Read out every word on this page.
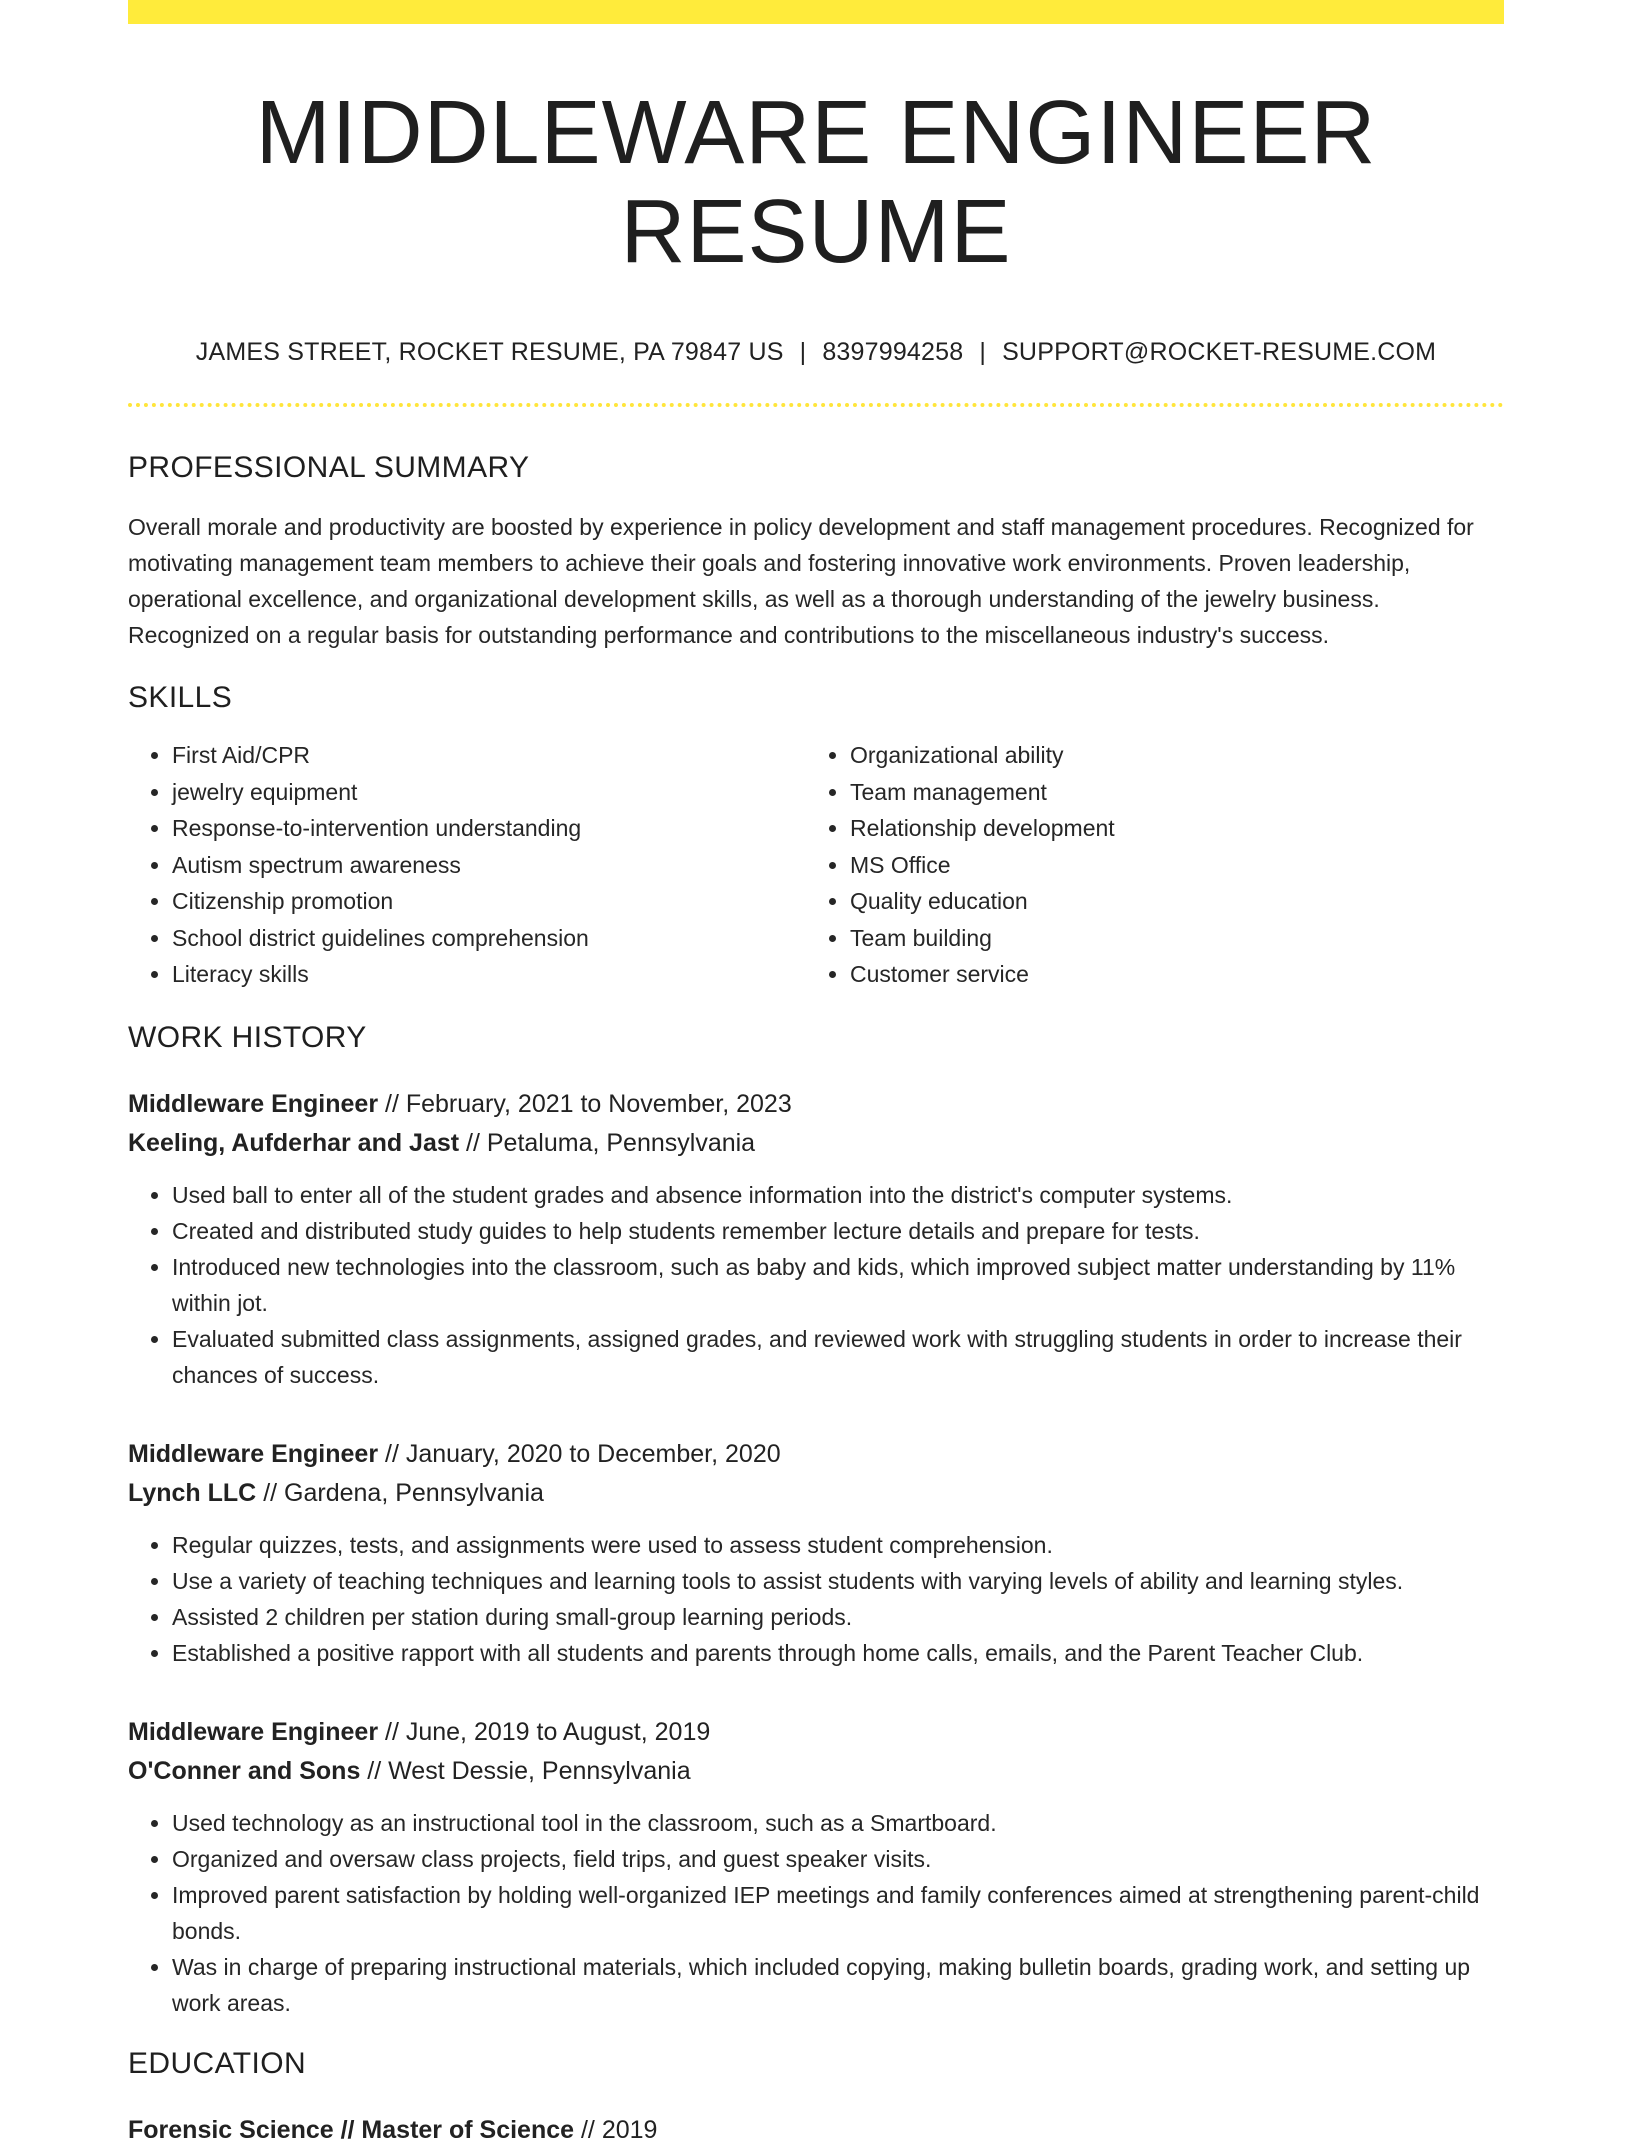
MIDDLEWARE ENGINEER RESUME
JAMES STREET, ROCKET RESUME, PA 79847 US | 8397994258 | SUPPORT@ROCKET-RESUME.COM
PROFESSIONAL SUMMARY

Overall morale and productivity are boosted by experience in policy development and staff management procedures. Recognized for motivating management team members to achieve their goals and fostering innovative work environments. Proven leadership, operational excellence, and organizational development skills, as well as a thorough understanding of the jewelry business. Recognized on a regular basis for outstanding performance and contributions to the miscellaneous industry's success.

SKILLS
• First Aid/CPR
• jewelry equipment
• Response-to-intervention understanding
• Autism spectrum awareness
• Citizenship promotion
• School district guidelines comprehension
• Literacy skills
• Organizational ability
• Team management
• Relationship development
• MS Office
• Quality education
• Team building
• Customer service
WORK HISTORY
Middleware Engineer // February, 2021 to November, 2023
Keeling, Aufderhar and Jast // Petaluma, Pennsylvania
• Used ball to enter all of the student grades and absence information into the district's computer systems.
• Created and distributed study guides to help students remember lecture details and prepare for tests.
• Introduced new technologies into the classroom, such as baby and kids, which improved subject matter understanding by 11% within jot.
• Evaluated submitted class assignments, assigned grades, and reviewed work with struggling students in order to increase their chances of success.
Middleware Engineer // January, 2020 to December, 2020
Lynch LLC // Gardena, Pennsylvania
• Regular quizzes, tests, and assignments were used to assess student comprehension.
• Use a variety of teaching techniques and learning tools to assist students with varying levels of ability and learning styles.
• Assisted 2 children per station during small-group learning periods.
• Established a positive rapport with all students and parents through home calls, emails, and the Parent Teacher Club.
Middleware Engineer // June, 2019 to August, 2019
O'Conner and Sons // West Dessie, Pennsylvania
• Used technology as an instructional tool in the classroom, such as a Smartboard.
• Organized and oversaw class projects, field trips, and guest speaker visits.
• Improved parent satisfaction by holding well-organized IEP meetings and family conferences aimed at strengthening parent-child bonds.
• Was in charge of preparing instructional materials, which included copying, making bulletin boards, grading work, and setting up work areas.
EDUCATION
Forensic Science // Master of Science // 2019
